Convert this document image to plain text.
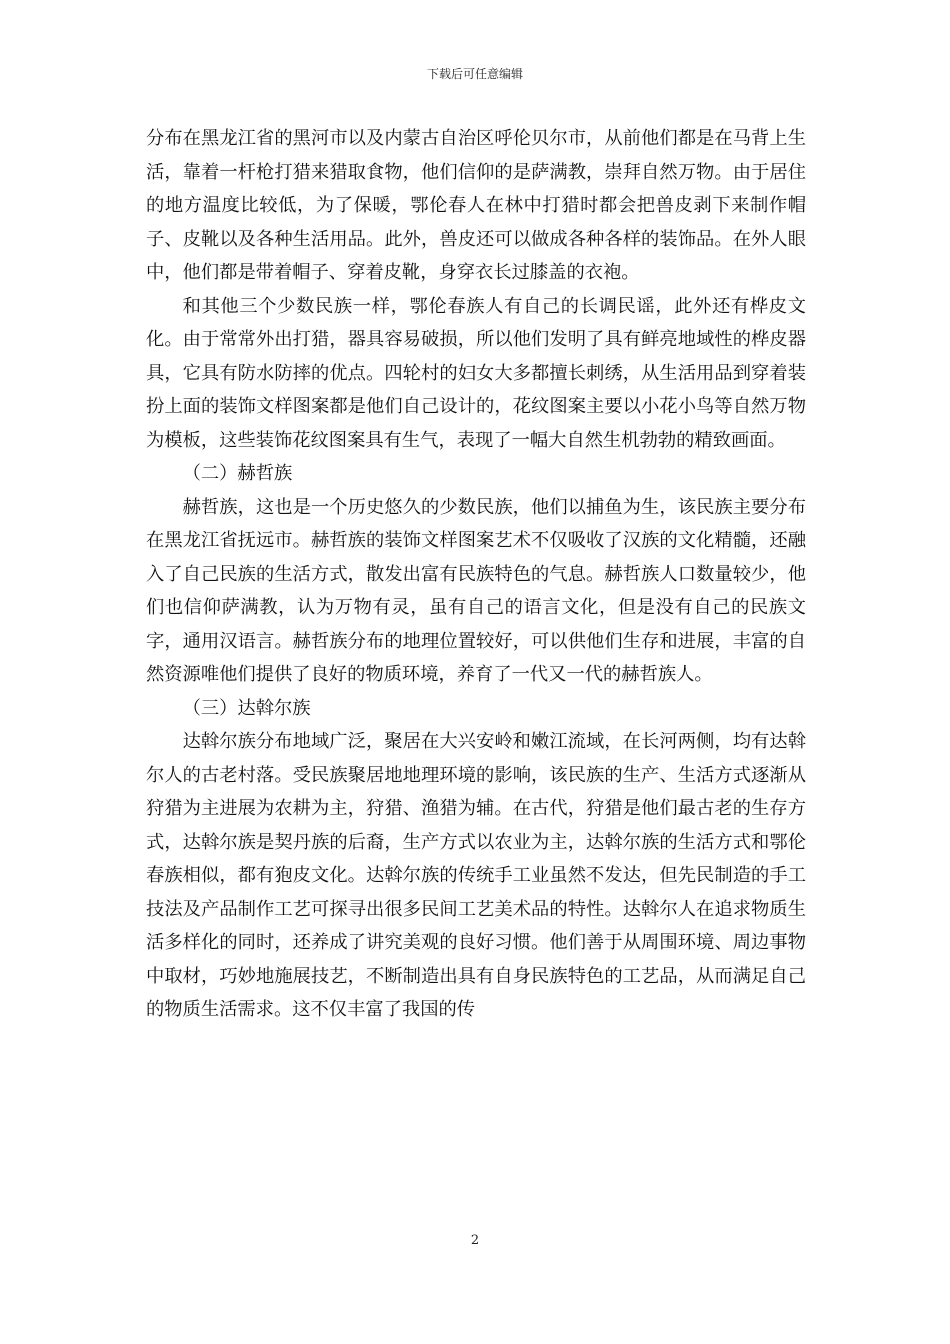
下载后可任意编辑

分布在黑龙江省的黑河市以及内蒙古自治区呼伦贝尔市，从前他们都是在马背上生活，靠着一杆枪打猎来猎取食物，他们信仰的是萨满教，崇拜自然万物。由于居住的地方温度比较低，为了保暖，鄂伦春人在林中打猎时都会把兽皮剥下来制作帽子、皮靴以及各种生活用品。此外，兽皮还可以做成各种各样的装饰品。在外人眼中，他们都是带着帽子、穿着皮靴，身穿衣长过膝盖的衣袍。

和其他三个少数民族一样，鄂伦春族人有自己的长调民谣，此外还有桦皮文化。由于常常外出打猎，器具容易破损，所以他们发明了具有鲜亮地域性的桦皮器具，它具有防水防摔的优点。四轮村的妇女大多都擅长刺绣，从生活用品到穿着装扮上面的装饰文样图案都是他们自己设计的，花纹图案主要以小花小鸟等自然万物为模板，这些装饰花纹图案具有生气，表现了一幅大自然生机勃勃的精致画面。

（二）赫哲族

赫哲族，这也是一个历史悠久的少数民族，他们以捕鱼为生，该民族主要分布在黑龙江省抚远市。赫哲族的装饰文样图案艺术不仅吸收了汉族的文化精髓，还融入了自己民族的生活方式，散发出富有民族特色的气息。赫哲族人口数量较少，他们也信仰萨满教，认为万物有灵，虽有自己的语言文化，但是没有自己的民族文字，通用汉语言。赫哲族分布的地理位置较好，可以供他们生存和进展，丰富的自然资源唯他们提供了良好的物质环境，养育了一代又一代的赫哲族人。

（三）达斡尔族

达斡尔族分布地域广泛，聚居在大兴安岭和嫩江流域，在长河两侧，均有达斡尔人的古老村落。受民族聚居地地理环境的影响，该民族的生产、生活方式逐渐从狩猎为主进展为农耕为主，狩猎、渔猎为辅。在古代，狩猎是他们最古老的生存方式，达斡尔族是契丹族的后裔，生产方式以农业为主，达斡尔族的生活方式和鄂伦春族相似，都有狍皮文化。达斡尔族的传统手工业虽然不发达，但先民制造的手工技法及产品制作工艺可探寻出很多民间工艺美术品的特性。达斡尔人在追求物质生活多样化的同时，还养成了讲究美观的良好习惯。他们善于从周围环境、周边事物中取材，巧妙地施展技艺，不断制造出具有自身民族特色的工艺品，从而满足自己的物质生活需求。这不仅丰富了我国的传

2
